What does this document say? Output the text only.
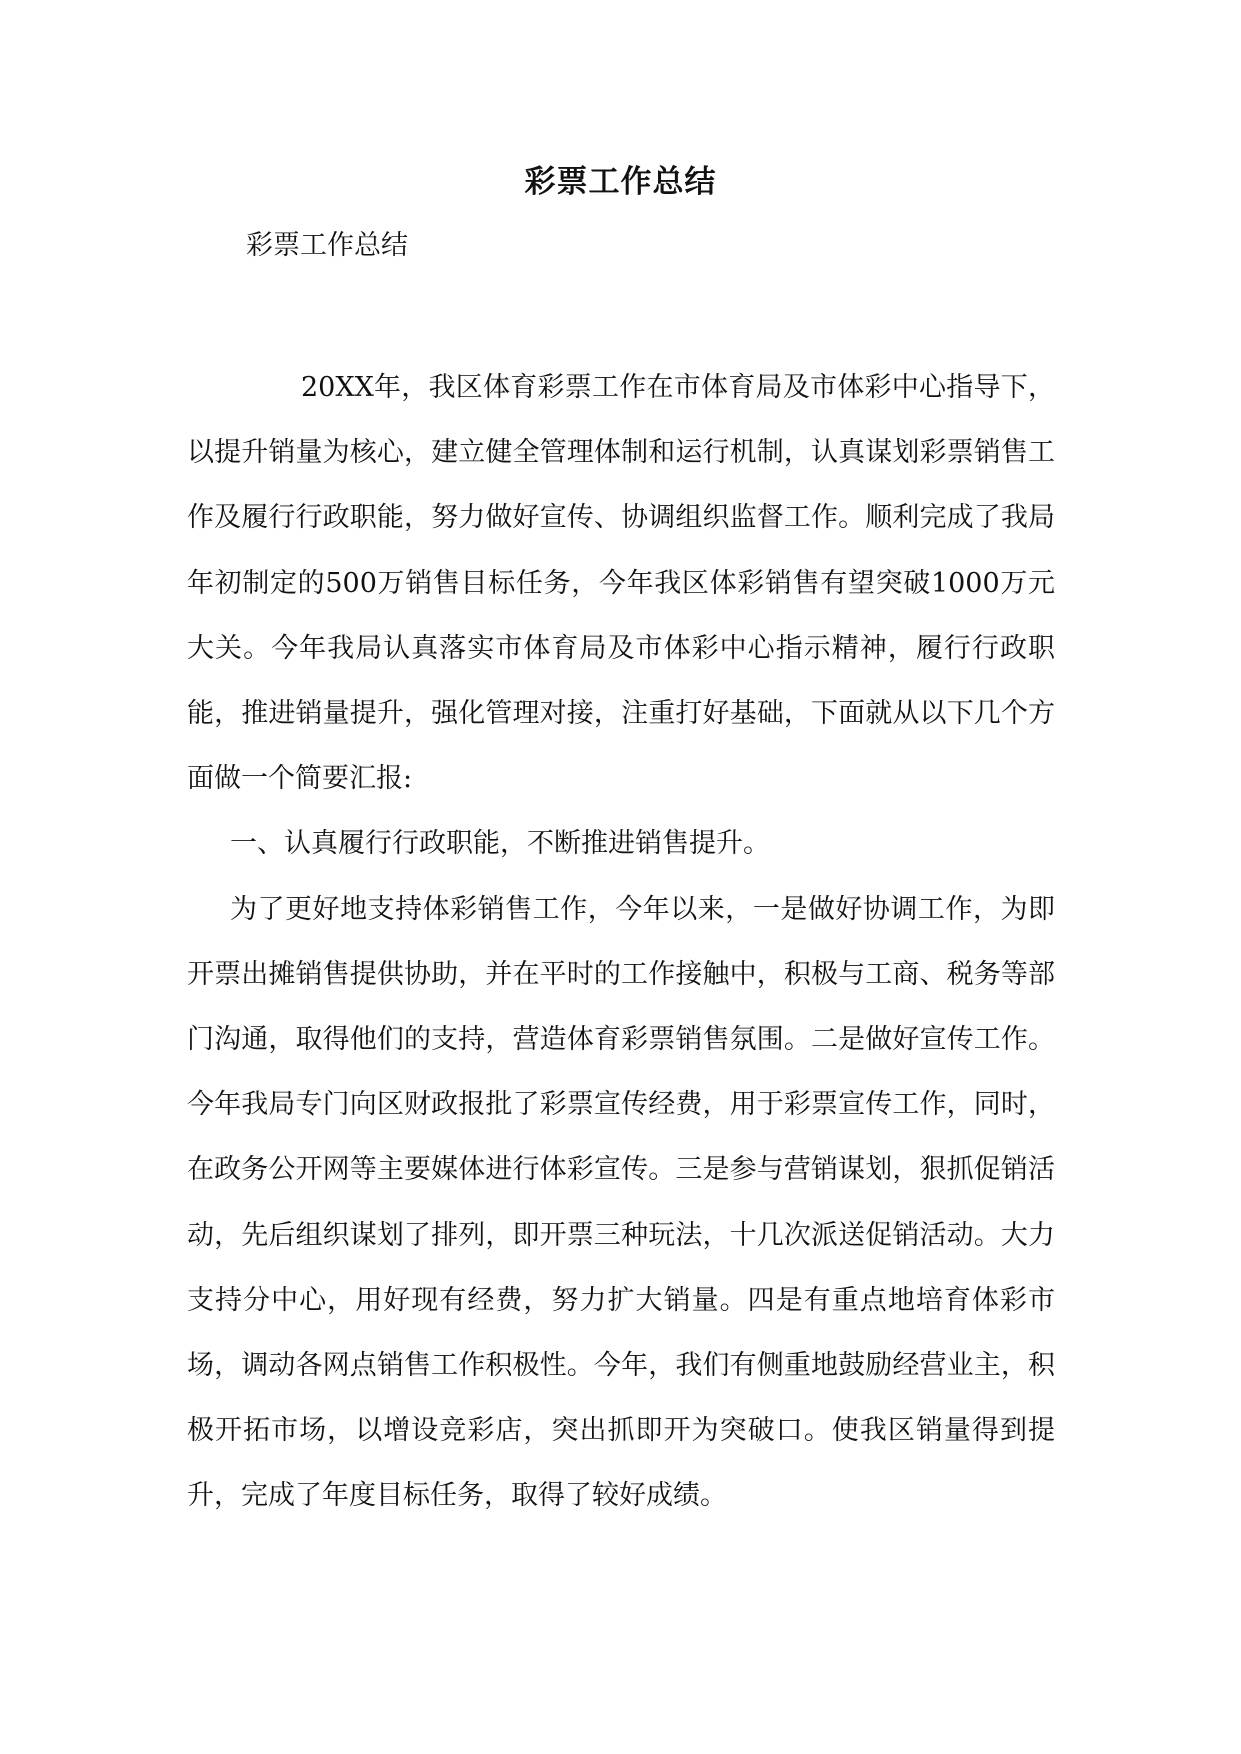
彩票工作总结

彩票工作总结

20XX年，我区体育彩票工作在市体育局及市体彩中心指导下，以提升销量为核心，建立健全管理体制和运行机制，认真谋划彩票销售工作及履行行政职能，努力做好宣传、协调组织监督工作。顺利完成了我局年初制定的500万销售目标任务，今年我区体彩销售有望突破1000万元大关。今年我局认真落实市体育局及市体彩中心指示精神，履行行政职能，推进销量提升，强化管理对接，注重打好基础，下面就从以下几个方面做一个简要汇报:

一、认真履行行政职能，不断推进销售提升。

为了更好地支持体彩销售工作，今年以来，一是做好协调工作，为即开票出摊销售提供协助，并在平时的工作接触中，积极与工商、税务等部门沟通，取得他们的支持，营造体育彩票销售氛围。二是做好宣传工作。今年我局专门向区财政报批了彩票宣传经费，用于彩票宣传工作，同时，在政务公开网等主要媒体进行体彩宣传。三是参与营销谋划，狠抓促销活动，先后组织谋划了排列，即开票三种玩法，十几次派送促销活动。大力支持分中心，用好现有经费，努力扩大销量。四是有重点地培育体彩市场，调动各网点销售工作积极性。今年，我们有侧重地鼓励经营业主，积极开拓市场，以增设竞彩店，突出抓即开为突破口。使我区销量得到提升，完成了年度目标任务，取得了较好成绩。
